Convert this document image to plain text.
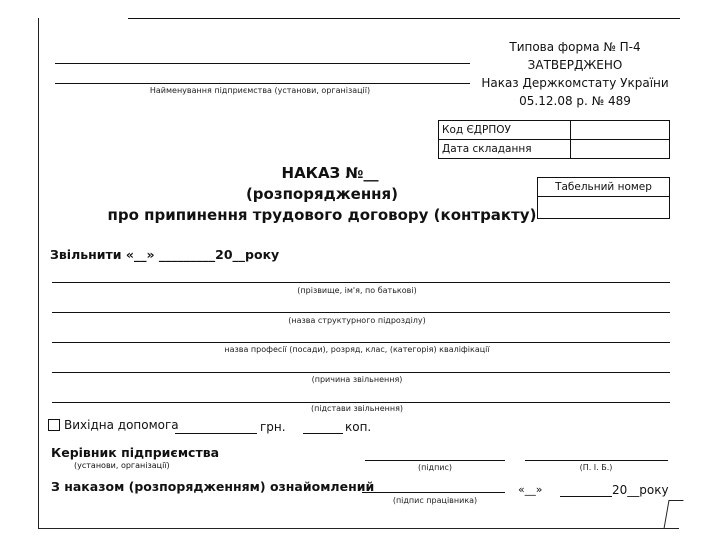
Найменування підприємства (установи, організації)
Типова форма № П-4
ЗАТВЕРДЖЕНО
Наказ Держкомстату України
05.12.08 р. № 489
Код ЄДРПОУ	
Дата складання	
Табельний номер

НАКАЗ №__
(розпорядження)
про припинення трудового договору (контракту)
Звільнити «__» _________20__року
(прізвище, ім'я, по батькові)
(назва структурного підрозділу)
назва професії (посади), розряд, клас, (категорія) кваліфікації
(причина звільнення)
(підстави звільнення)
Вихідна допомога	грн.	коп.
Керівник підприємства
(установи, організації)	(підпис)	(П. І. Б.)
З наказом (розпорядженням) ознайомлений
(підпис працівника)
«__»	20__року
